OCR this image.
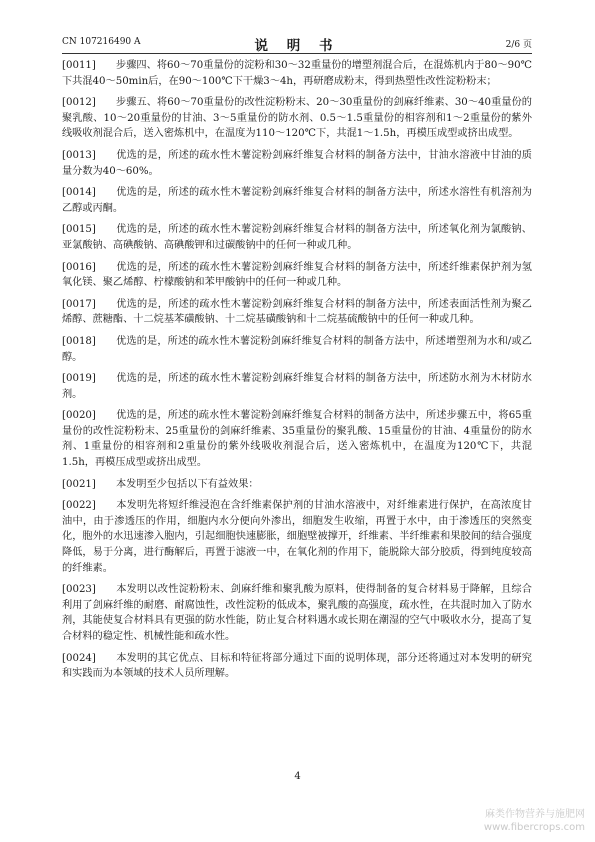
CN 107216490 A	说 明 书	2/6 页

[0011] 步骤四、将60～70重量份的淀粉和30～32重量份的增塑剂混合后，在混炼机内于80～90℃下共混40～50min后，在90～100℃下干燥3～4h，再研磨成粉末，得到热塑性改性淀粉粉末；

[0012] 步骤五、将60～70重量份的改性淀粉粉末、20～30重量份的剑麻纤维素、30～40重量份的聚乳酸、10～20重量份的甘油、3～5重量份的防水剂、0.5～1.5重量份的相容剂和1～2重量份的紫外线吸收剂混合后，送入密炼机中，在温度为110～120℃下，共混1～1.5h，再模压成型或挤出成型。

[0013] 优选的是，所述的疏水性木薯淀粉剑麻纤维复合材料的制备方法中，甘油水溶液中甘油的质量分数为40～60%。

[0014] 优选的是，所述的疏水性木薯淀粉剑麻纤维复合材料的制备方法中，所述水溶性有机溶剂为乙醇或丙酮。

[0015] 优选的是，所述的疏水性木薯淀粉剑麻纤维复合材料的制备方法中，所述氧化剂为氯酸钠、亚氯酸钠、高碘酸钠、高碘酸钾和过碳酸钠中的任何一种或几种。

[0016] 优选的是，所述的疏水性木薯淀粉剑麻纤维复合材料的制备方法中，所述纤维素保护剂为氢氧化镁、聚乙烯醇、柠檬酸钠和苯甲酸钠中的任何一种或几种。

[0017] 优选的是，所述的疏水性木薯淀粉剑麻纤维复合材料的制备方法中，所述表面活性剂为聚乙烯醇、蔗糖酯、十二烷基苯磺酸钠、十二烷基磺酸钠和十二烷基硫酸钠中的任何一种或几种。

[0018] 优选的是，所述的疏水性木薯淀粉剑麻纤维复合材料的制备方法中，所述增塑剂为水和/或乙醇。

[0019] 优选的是，所述的疏水性木薯淀粉剑麻纤维复合材料的制备方法中，所述防水剂为木材防水剂。

[0020] 优选的是，所述的疏水性木薯淀粉剑麻纤维复合材料的制备方法中，所述步骤五中，将65重量份的改性淀粉粉末、25重量份的剑麻纤维素、35重量份的聚乳酸、15重量份的甘油、4重量份的防水剂、1重量份的相容剂和2重量份的紫外线吸收剂混合后，送入密炼机中，在温度为120℃下，共混1.5h，再模压成型或挤出成型。

[0021] 本发明至少包括以下有益效果：

[0022] 本发明先将短纤维浸泡在含纤维素保护剂的甘油水溶液中，对纤维素进行保护，在高浓度甘油中，由于渗透压的作用，细胞内水分便向外渗出，细胞发生收缩，再置于水中，由于渗透压的突然变化，胞外的水迅速渗入胞内，引起细胞快速膨胀，细胞壁被撑开，纤维素、半纤维素和果胶间的结合强度降低，易于分离，进行酶解后，再置于滤液一中，在氧化剂的作用下，能脱除大部分胶质，得到纯度较高的纤维素。

[0023] 本发明以改性淀粉粉末、剑麻纤维和聚乳酸为原料，使得制备的复合材料易于降解，且综合利用了剑麻纤维的耐磨、耐腐蚀性，改性淀粉的低成本，聚乳酸的高强度，疏水性，在共混时加入了防水剂，其能使复合材料具有更强的防水性能，防止复合材料遇水或长期在潮湿的空气中吸收水分，提高了复合材料的稳定性、机械性能和疏水性。

[0024] 本发明的其它优点、目标和特征将部分通过下面的说明体现，部分还将通过对本发明的研究和实践而为本领域的技术人员所理解。

4
麻类作物营养与施肥网
www.fibercrops.com
